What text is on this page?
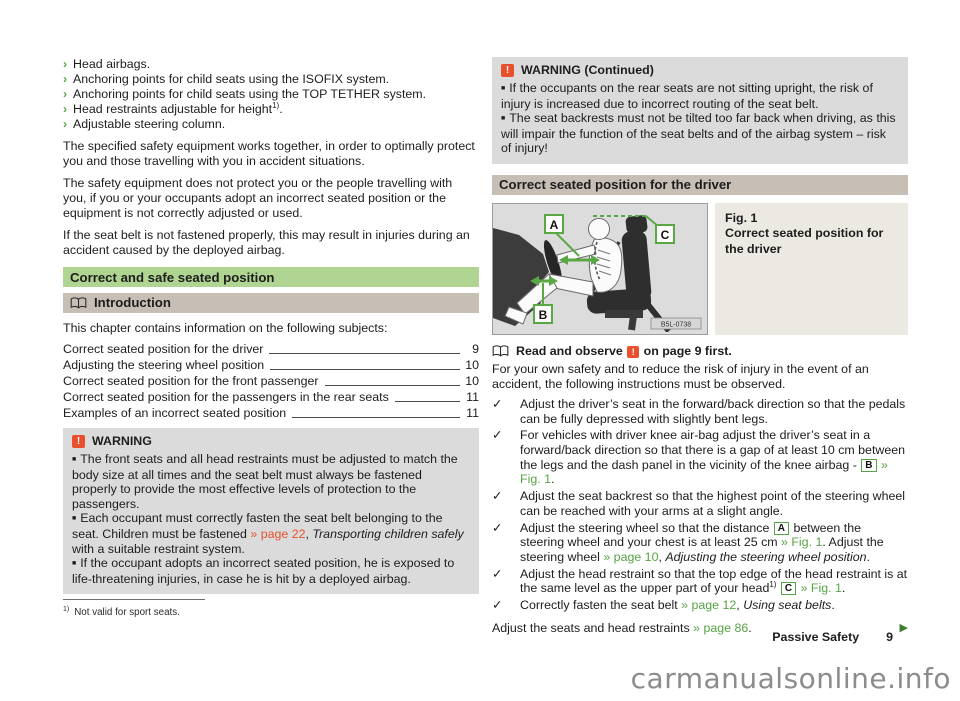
› Head airbags.
› Anchoring points for child seats using the ISOFIX system.
› Anchoring points for child seats using the TOP TETHER system.
› Head restraints adjustable for height$^{1)}$.
› Adjustable steering column.

The specified safety equipment works together, in order to optimally protect you and those travelling with you in accident situations.

The safety equipment does not protect you or the people travelling with you, if you or your occupants adopt an incorrect seated position or the equipment is not correctly adjusted or used.

If the seat belt is not fastened properly, this may result in injuries during an accident caused by the deployed airbag.

Correct and safe seated position
Introduction
This chapter contains information on the following subjects:
Correct seated position for the driver	9
Adjusting the steering wheel position	10
Correct seated position for the front passenger	10
Correct seated position for the passengers in the rear seats	11
Examples of an incorrect seated position	11
! WARNING
■ The front seats and all head restraints must be adjusted to match the body size at all times and the seat belt must always be fastened properly to provide the most effective levels of protection to the passengers.
■ Each occupant must correctly fasten the seat belt belonging to the seat. Children must be fastened » page 22, Transporting children safely with a suitable restraint system.
■ If the occupant adopts an incorrect seated position, he is exposed to life-threatening injuries, in case he is hit by a deployed airbag.
$^{1)}$ Not valid for sport seats.
! WARNING (Continued)
■ If the occupants on the rear seats are not sitting upright, the risk of injury is increased due to incorrect routing of the seat belt.
■ The seat backrests must not be tilted too far back when driving, as this will impair the function of the seat belts and of the airbag system – risk of injury!
Correct seated position for the driver
A
B
C
B5L-0738
Fig. 1
Correct seated position for the driver
Read and observe ! on page 9 first.
For your own safety and to reduce the risk of injury in the event of an accident, the following instructions must be observed.
✓	Adjust the driver’s seat in the forward/back direction so that the pedals can be fully depressed with slightly bent legs.
✓	For vehicles with driver knee air-bag adjust the driver’s seat in a forward/back direction so that there is a gap of at least 10 cm between the legs and the dash panel in the vicinity of the knee airbag - B » Fig. 1.
✓	Adjust the seat backrest so that the highest point of the steering wheel can be reached with your arms at a slight angle.
✓	Adjust the steering wheel so that the distance A between the steering wheel and your chest is at least 25 cm » Fig. 1. Adjust the steering wheel » page 10, Adjusting the steering wheel position.
✓	Adjust the head restraint so that the top edge of the head restraint is at the same level as the upper part of your head$^{1)}$ C » Fig. 1.
✓	Correctly fasten the seat belt » page 12, Using seat belts.
Adjust the seats and head restraints » page 86.	▶
Passive Safety 9
carmanualsonline.info
